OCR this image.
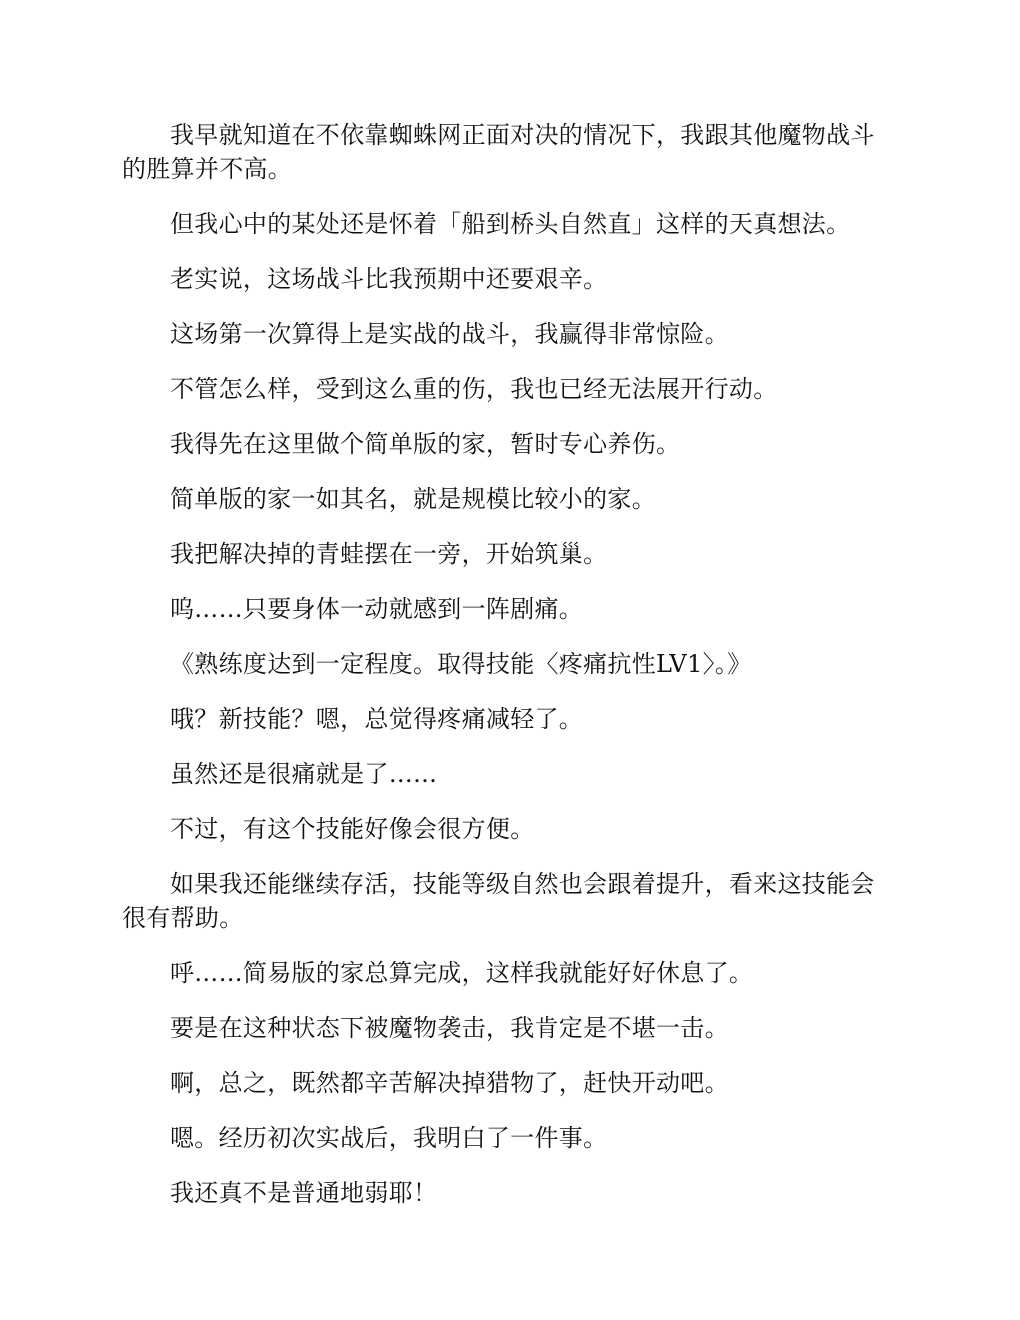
我早就知道在不依靠蜘蛛网正面对决的情况下，我跟其他魔物战斗的胜算并不高。

但我心中的某处还是怀着「船到桥头自然直」这样的天真想法。

老实说，这场战斗比我预期中还要艰辛。

这场第一次算得上是实战的战斗，我赢得非常惊险。

不管怎么样，受到这么重的伤，我也已经无法展开行动。

我得先在这里做个简单版的家，暂时专心养伤。

简单版的家一如其名，就是规模比较小的家。

我把解决掉的青蛙摆在一旁，开始筑巢。

呜……只要身体一动就感到一阵剧痛。

《熟练度达到一定程度。取得技能〈疼痛抗性LV1〉。》

哦？新技能？嗯，总觉得疼痛减轻了。

虽然还是很痛就是了……

不过，有这个技能好像会很方便。

如果我还能继续存活，技能等级自然也会跟着提升，看来这技能会很有帮助。

呼……简易版的家总算完成，这样我就能好好休息了。

要是在这种状态下被魔物袭击，我肯定是不堪一击。

啊，总之，既然都辛苦解决掉猎物了，赶快开动吧。

嗯。经历初次实战后，我明白了一件事。

我还真不是普通地弱耶！
